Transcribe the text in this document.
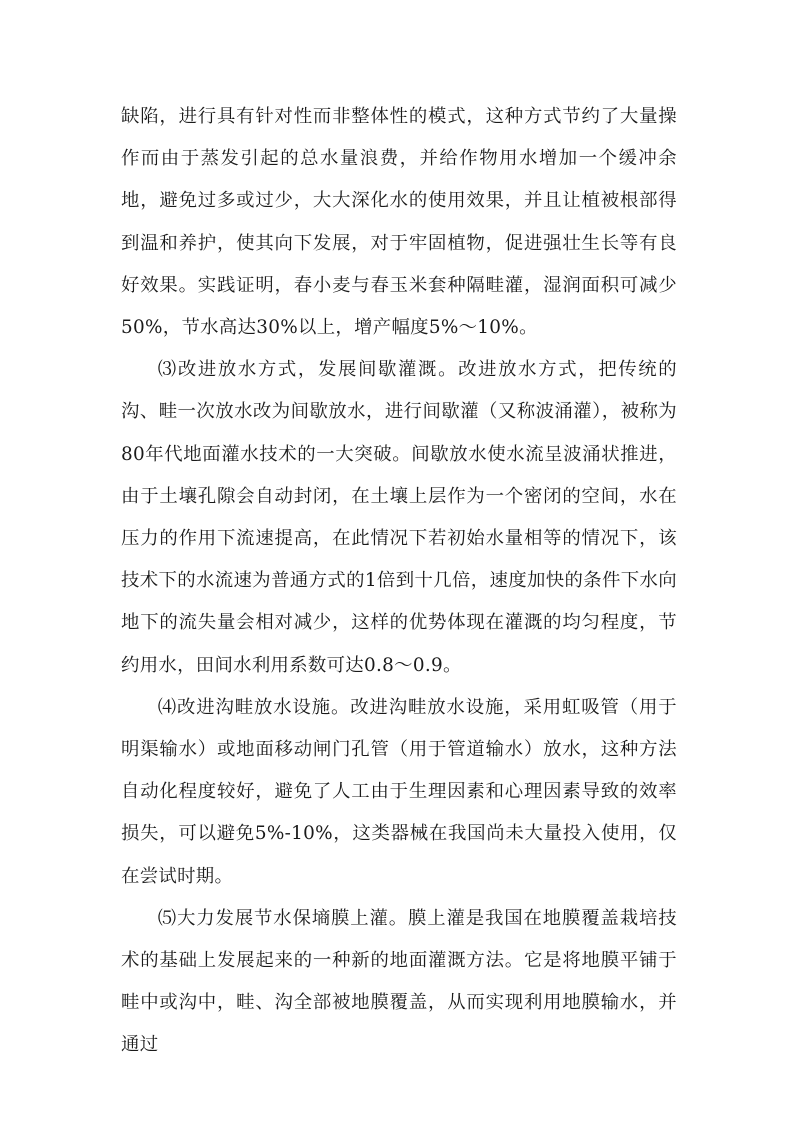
缺陷，进行具有针对性而非整体性的模式，这种方式节约了大量操作而由于蒸发引起的总水量浪费，并给作物用水增加一个缓冲余地，避免过多或过少，大大深化水的使用效果，并且让植被根部得到温和养护，使其向下发展，对于牢固植物，促进强壮生长等有良好效果。实践证明，春小麦与春玉米套种隔畦灌，湿润面积可减少50%，节水高达30%以上，增产幅度5%～10%。

⑶改进放水方式，发展间歇灌溉。改进放水方式，把传统的沟、畦一次放水改为间歇放水，进行间歇灌（又称波涌灌），被称为80年代地面灌水技术的一大突破。间歇放水使水流呈波涌状推进，由于土壤孔隙会自动封闭，在土壤上层作为一个密闭的空间，水在压力的作用下流速提高，在此情况下若初始水量相等的情况下，该技术下的水流速为普通方式的1倍到十几倍，速度加快的条件下水向地下的流失量会相对减少，这样的优势体现在灌溉的均匀程度，节约用水，田间水利用系数可达0.8～0.9。

⑷改进沟畦放水设施。改进沟畦放水设施，采用虹吸管（用于明渠输水）或地面移动闸门孔管（用于管道输水）放水，这种方法自动化程度较好，避免了人工由于生理因素和心理因素导致的效率损失，可以避免5%-10%，这类器械在我国尚未大量投入使用，仅在尝试时期。

⑸大力发展节水保墒膜上灌。膜上灌是我国在地膜覆盖栽培技术的基础上发展起来的一种新的地面灌溉方法。它是将地膜平铺于畦中或沟中，畦、沟全部被地膜覆盖，从而实现利用地膜输水，并通过
